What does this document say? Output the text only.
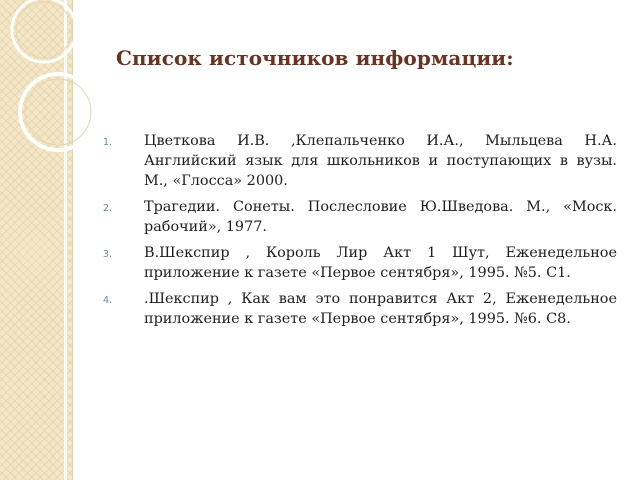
Список источников информации:
1. Цветкова И.В. ,Клепальченко И.А., Мыльцева Н.А. Английский язык для школьников и поступающих в вузы. М., «Глосса» 2000.
2. Трагедии. Сонеты. Послесловие Ю.Шведова. М., «Моск. рабочий», 1977.
3. В.Шекспир , Король Лир Акт 1 Шут, Еженедельное приложение к газете «Первое сентября», 1995. №5. С1.
4. .Шекспир , Как вам это понравится Акт 2, Еженедельное приложение к газете «Первое сентября», 1995. №6. С8.
